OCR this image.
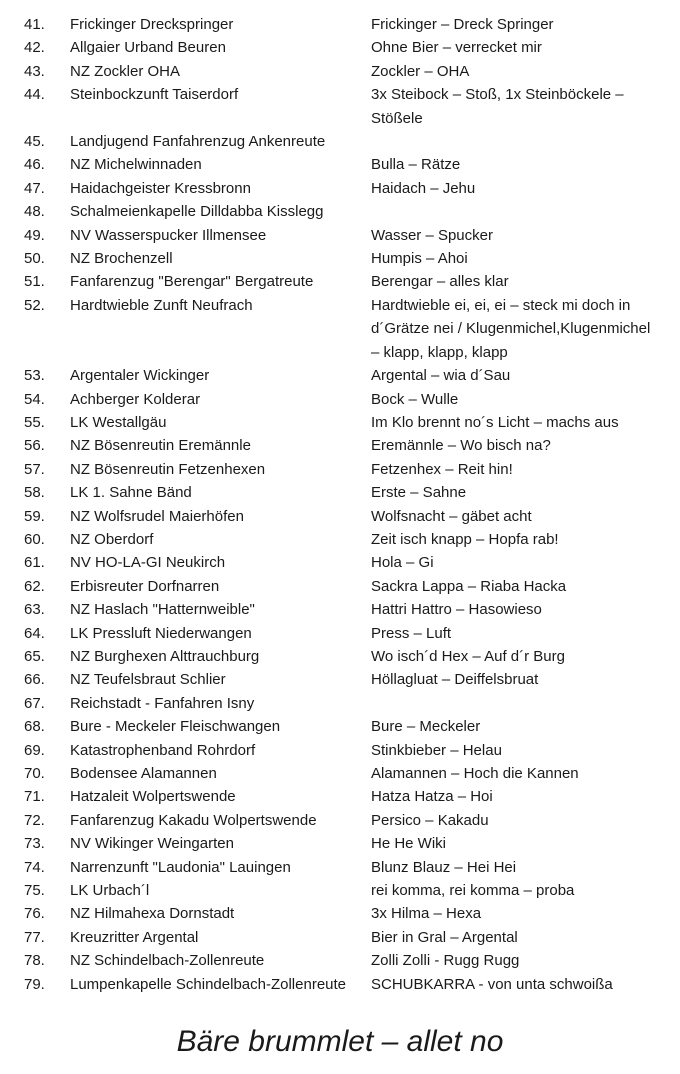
41.	Frickinger Dreckspringer	Frickinger – Dreck Springer
42.	Allgaier Urband Beuren	Ohne Bier – verrecket mir
43.	NZ Zockler OHA	Zockler – OHA
44.	Steinbockzunft Taiserdorf	3x Steibock – Stoß, 1x Steinböckele –
Stößele
45.	Landjugend Fanfahrenzug Ankenreute
46.	NZ Michelwinnaden	Bulla – Rätze
47.	Haidachgeister Kressbronn	Haidach – Jehu
48.	Schalmeienkapelle Dilldabba Kisslegg
49.	NV Wasserspucker Illmensee	Wasser – Spucker
50.	NZ Brochenzell	Humpis – Ahoi
51.	Fanfarenzug "Berengar" Bergatreute	Berengar – alles klar
52.	Hardtwieble Zunft Neufrach	Hardtwieble ei, ei, ei – steck mi doch in
d´Grätze nei / Klugenmichel,Klugenmichel
– klapp, klapp, klapp
53.	Argentaler Wickinger	Argental – wia d´Sau
54.	Achberger Kolderar	Bock – Wulle
55.	LK Westallgäu	Im Klo brennt no´s Licht – machs aus
56.	NZ Bösenreutin Eremännle	Eremännle – Wo bisch na?
57.	NZ Bösenreutin Fetzenhexen	Fetzenhex – Reit hin!
58.	LK 1. Sahne Bänd	Erste – Sahne
59.	NZ Wolfsrudel Maierhöfen	Wolfsnacht – gäbet acht
60.	NZ Oberdorf	Zeit isch knapp – Hopfa rab!
61.	NV HO-LA-GI Neukirch	Hola – Gi
62.	Erbisreuter Dorfnarren	Sackra Lappa – Riaba Hacka
63.	NZ Haslach "Hatternweible"	Hattri Hattro – Hasowieso
64.	LK Pressluft Niederwangen	Press – Luft
65.	NZ Burghexen Alttrauchburg	Wo isch´d Hex – Auf d´r Burg
66.	NZ Teufelsbraut Schlier	Höllagluat – Deiffelsbruat
67.	Reichstadt - Fanfahren Isny
68.	Bure - Meckeler Fleischwangen	Bure – Meckeler
69.	Katastrophenband Rohrdorf	Stinkbieber – Helau
70.	Bodensee Alamannen	Alamannen – Hoch die Kannen
71.	Hatzaleit Wolpertswende	Hatza Hatza – Hoi
72.	Fanfarenzug Kakadu Wolpertswende	Persico – Kakadu
73.	NV Wikinger Weingarten	He He Wiki
74.	Narrenzunft "Laudonia" Lauingen	Blunz Blauz – Hei Hei
75.	LK Urbach´l	rei komma, rei komma – proba
76.	NZ Hilmahexa Dornstadt	3x Hilma – Hexa
77.	Kreuzritter Argental	Bier in Gral – Argental
78.	NZ Schindelbach-Zollenreute	Zolli Zolli - Rugg Rugg
79.	Lumpenkapelle Schindelbach-Zollenreute	SCHUBKARRA - von unta schwoißa
Bäre brummlet – allet no
